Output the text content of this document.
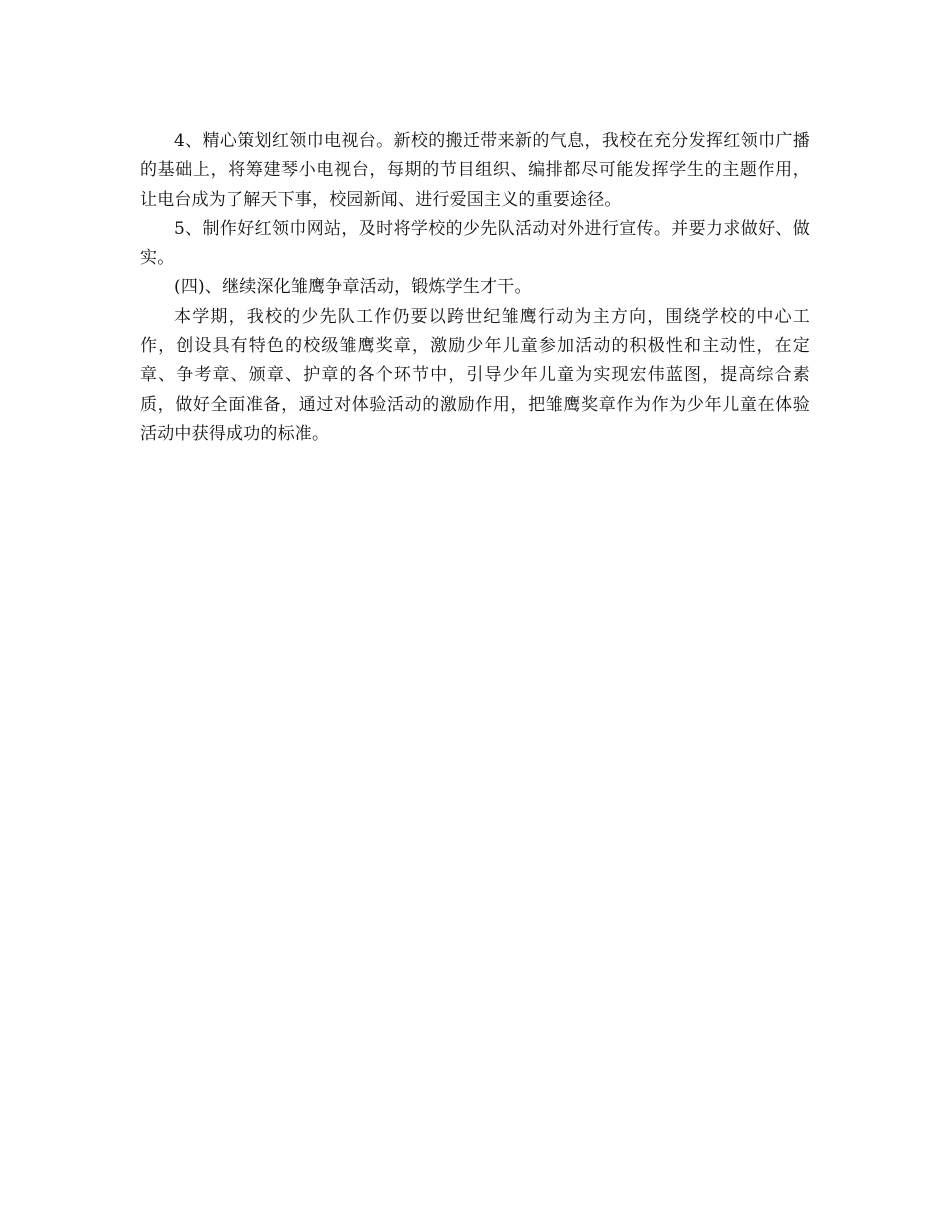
4、精心策划红领巾电视台。新校的搬迁带来新的气息，我校在充分发挥红领巾广播的基础上，将筹建琴小电视台，每期的节目组织、编排都尽可能发挥学生的主题作用，让电台成为了解天下事，校园新闻、进行爱国主义的重要途径。

5、制作好红领巾网站，及时将学校的少先队活动对外进行宣传。并要力求做好、做实。

(四)、继续深化雏鹰争章活动，锻炼学生才干。

本学期，我校的少先队工作仍要以跨世纪雏鹰行动为主方向，围绕学校的中心工作，创设具有特色的校级雏鹰奖章，激励少年儿童参加活动的积极性和主动性，在定章、争考章、颁章、护章的各个环节中，引导少年儿童为实现宏伟蓝图，提高综合素质，做好全面准备，通过对体验活动的激励作用，把雏鹰奖章作为作为少年儿童在体验活动中获得成功的标准。
